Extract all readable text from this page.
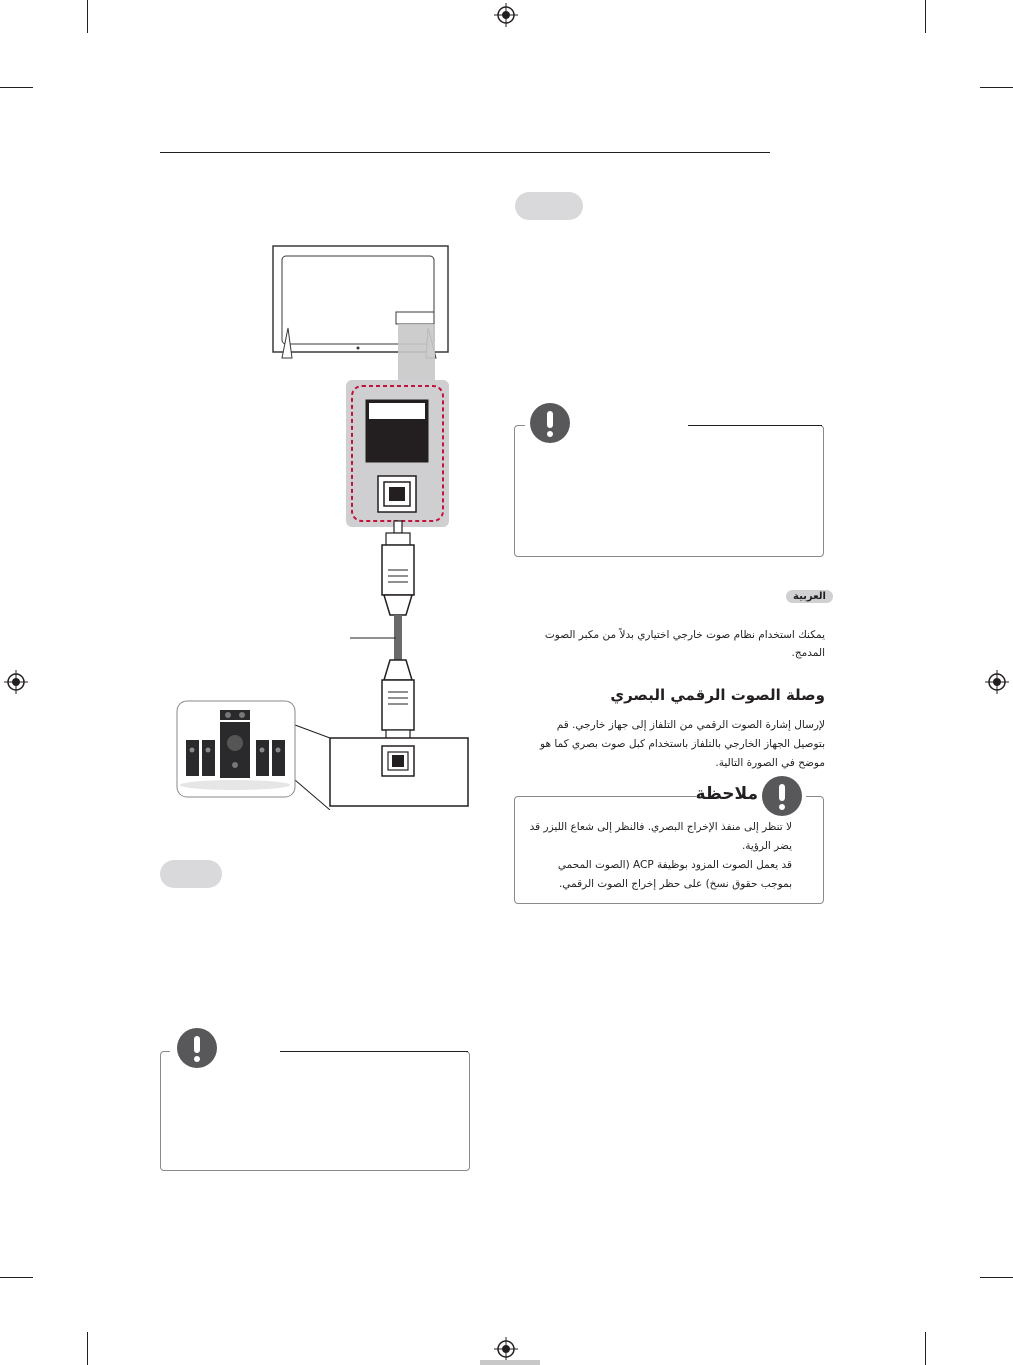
العربية
يمكنك استخدام نظام صوت خارجي اختياري بدلاً من مكبر الصوت المدمج.
وصلة الصوت الرقمي البصري
لإرسال إشارة الصوت الرقمي من التلفاز إلى جهاز خارجي. قم
بتوصيل الجهاز الخارجي بالتلفاز باستخدام كبل صوت بصري كما هو
موضح في الصورة التالية.
ملاحظة
لا تنظر إلى منفذ الإخراج البصري. فالنظر إلى شعاع الليزر قد
يضر الرؤية.
قد يعمل الصوت المزود بوظيفة ACP (الصوت المحمي
بموجب حقوق نسخ) على حظر إخراج الصوت الرقمي.
